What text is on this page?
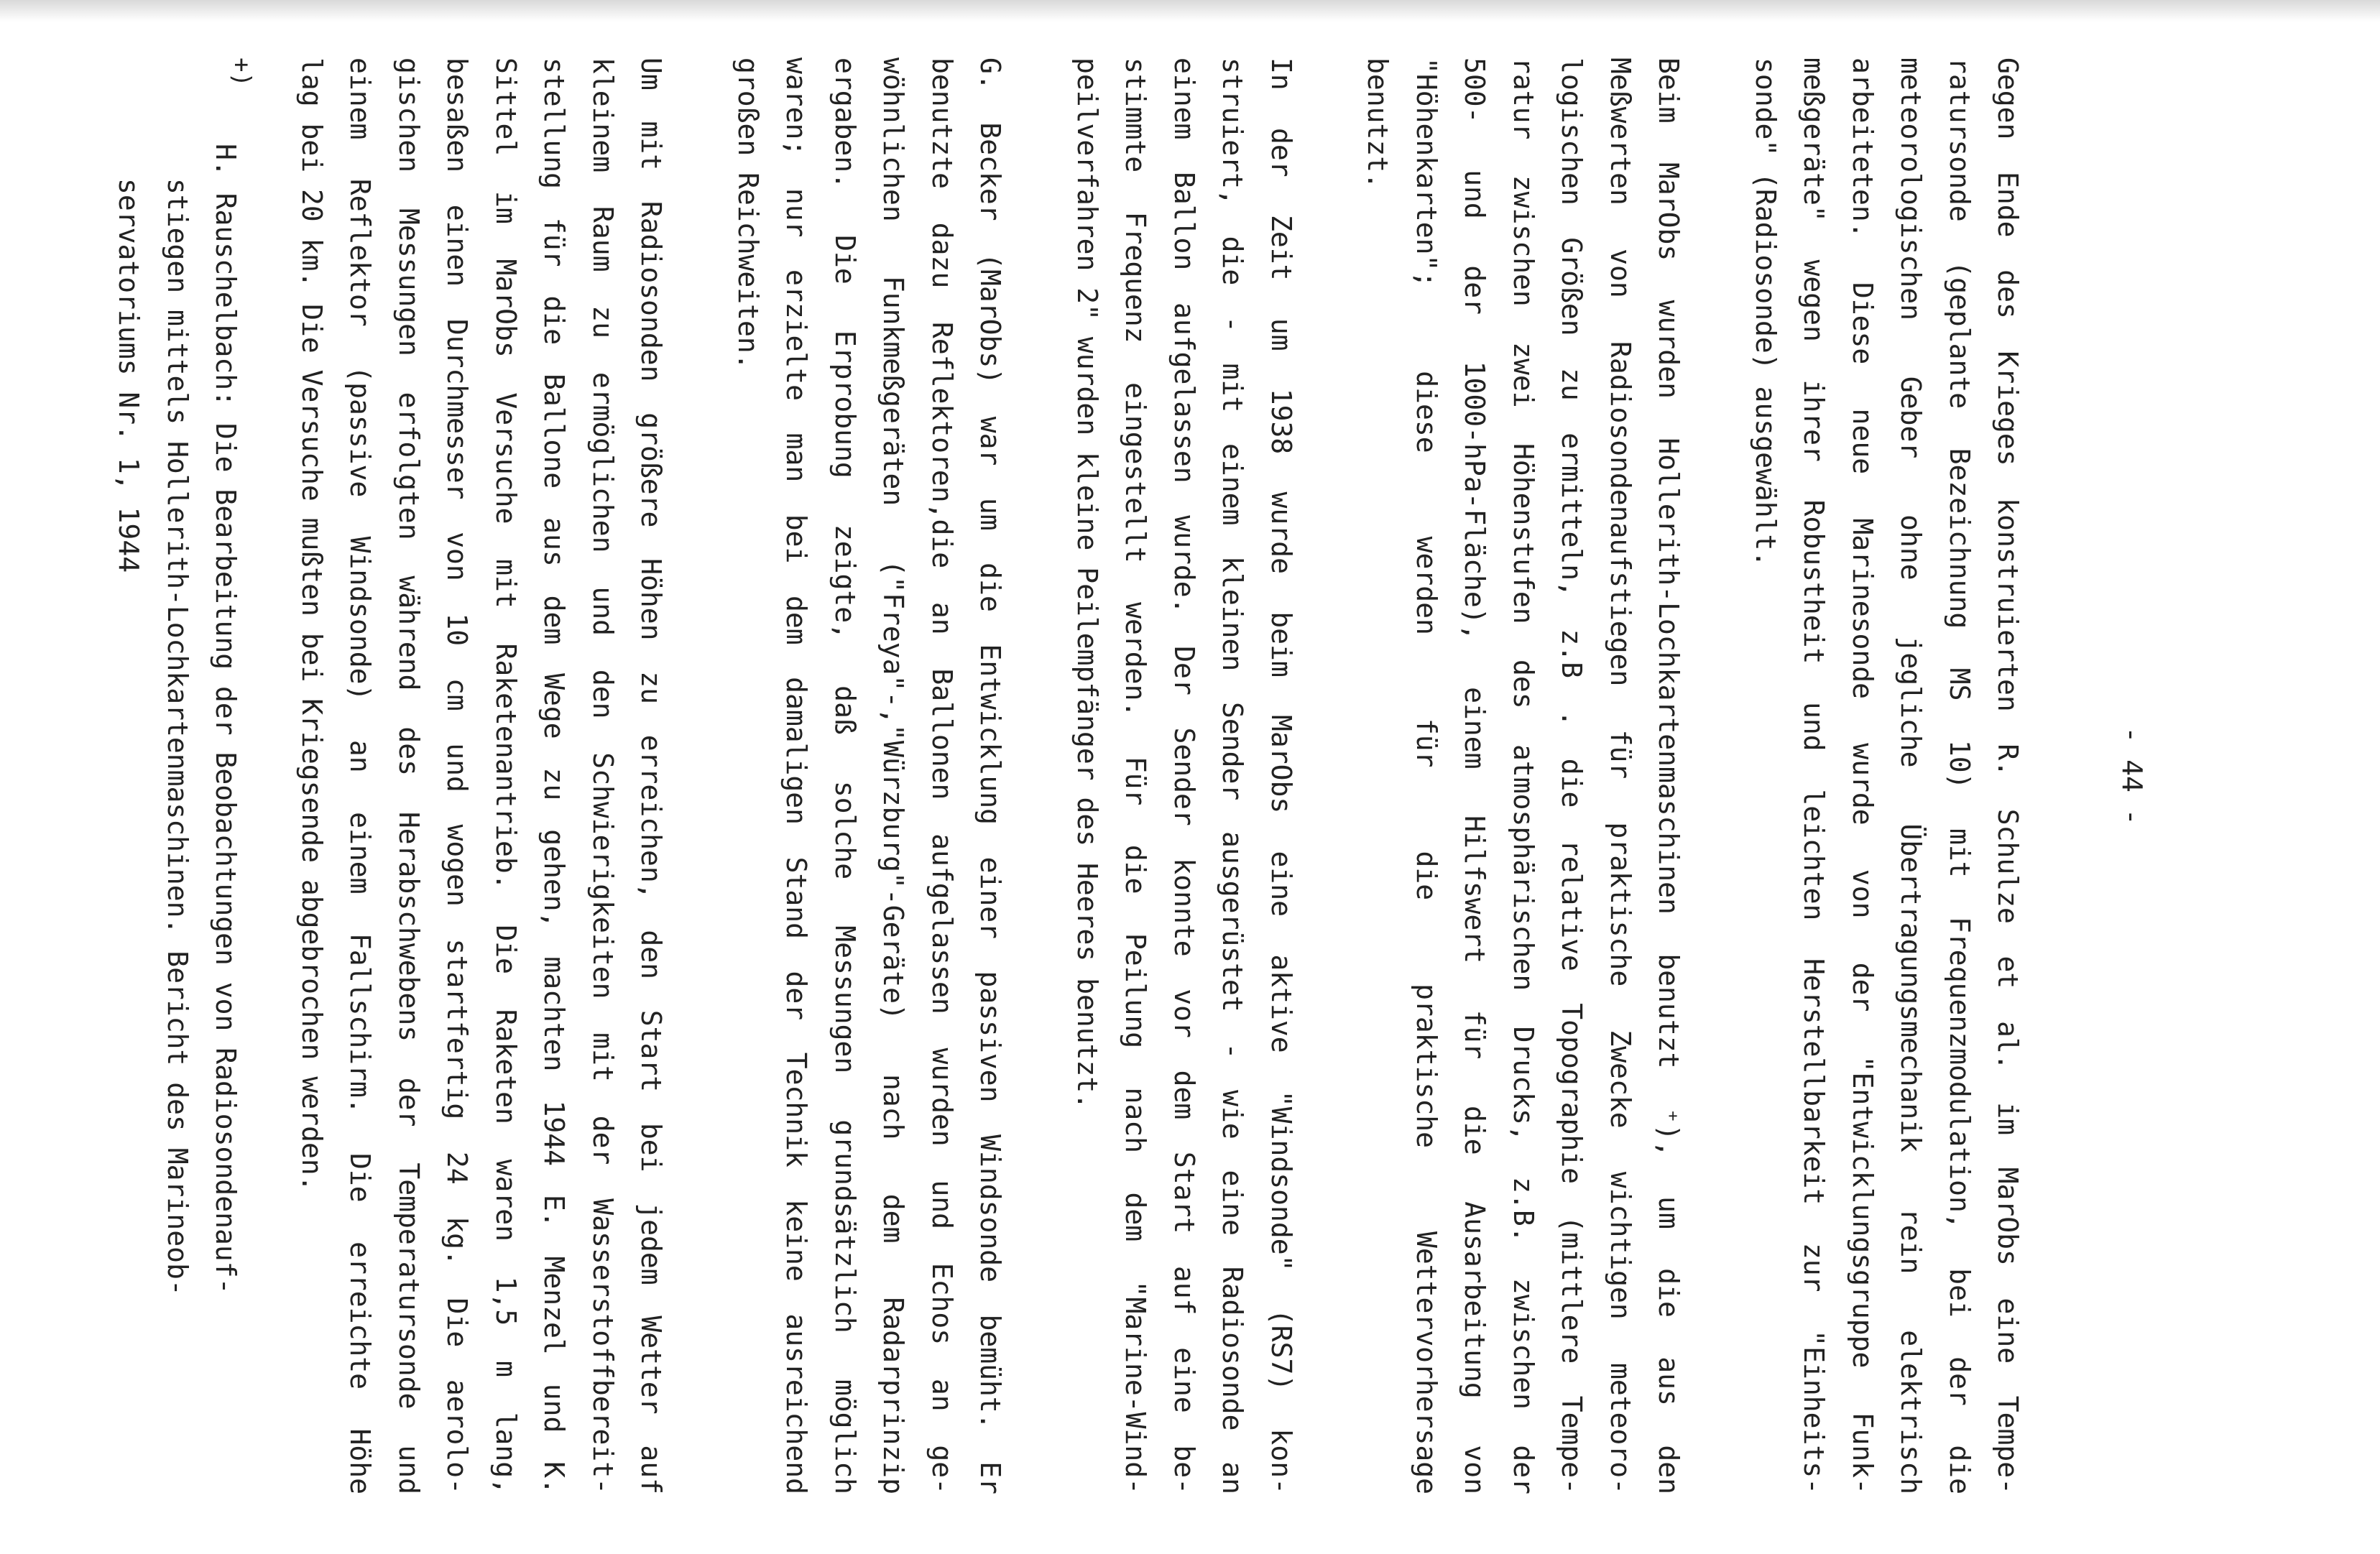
- 44 -
Gegen Ende des Krieges konstruierten R. Schulze et al. im MarObs eine Tempe-
ratursonde (geplante Bezeichnung MS 10) mit Frequenzmodulation, bei der die
meteorologischen Geber ohne jegliche Übertragungsmechanik rein elektrisch
arbeiteten. Diese neue Marinesonde wurde von der "Entwicklungsgruppe Funk-
meßgeräte" wegen ihrer Robustheit und leichten Herstellbarkeit zur "Einheits-
sonde" (Radiosonde) ausgewählt.
Beim MarObs wurden Hollerith-Lochkartenmaschinen benutzt ⁺), um die aus den
Meßwerten von Radiosondenaufstiegen für praktische Zwecke wichtigen meteoro-
logischen Größen zu ermitteln, z.B . die relative Topographie (mittlere Tempe-
ratur zwischen zwei Höhenstufen des atmosphärischen Drucks, z.B. zwischen der
500- und der 1000-hPa-Fläche), einem Hilfswert für die Ausarbeitung von
"Höhenkarten"; diese werden für die praktische Wettervorhersage
benutzt.
In der Zeit um 1938 wurde beim MarObs eine aktive "Windsonde" (RS7) kon-
struiert, die - mit einem kleinen Sender ausgerüstet - wie eine Radiosonde an
einem Ballon aufgelassen wurde. Der Sender konnte vor dem Start auf eine be-
stimmte Frequenz eingestellt werden. Für die Peilung nach dem "Marine-Wind-
peilverfahren 2" wurden kleine Peilempfänger des Heeres benutzt.
G. Becker (MarObs) war um die Entwicklung einer passiven Windsonde bemüht. Er
benutzte dazu Reflektoren,die an Ballonen aufgelassen wurden und Echos an ge-
wöhnlichen Funkmeßgeräten ("Freya"-,"Würzburg"-Geräte) nach dem Radarprinzip
ergaben. Die Erprobung zeigte, daß solche Messungen grundsätzlich möglich
waren; nur erzielte man bei dem damaligen Stand der Technik keine ausreichend
großen Reichweiten.
Um mit Radiosonden größere Höhen zu erreichen, den Start bei jedem Wetter auf
kleinem Raum zu ermöglichen und den Schwierigkeiten mit der Wasserstoffbereit-
stellung für die Ballone aus dem Wege zu gehen, machten 1944 E. Menzel und K.
Sittel im MarObs Versuche mit Raketenantrieb. Die Raketen waren 1,5 m lang,
besaßen einen Durchmesser von 10 cm und wogen startfertig 24 kg. Die aerolo-
gischen Messungen erfolgten während des Herabschwebens der Temperatursonde und
einem Reflektor (passive Windsonde) an einem Fallschirm. Die erreichte Höhe
lag bei 20 km. Die Versuche mußten bei Kriegsende abgebrochen werden.
+)
H. Rauschelbach: Die Bearbeitung der Beobachtungen von Radiosondenauf-
stiegen mittels Hollerith-Lochkartenmaschinen. Bericht des Marineob-
servatoriums Nr. 1, 1944
